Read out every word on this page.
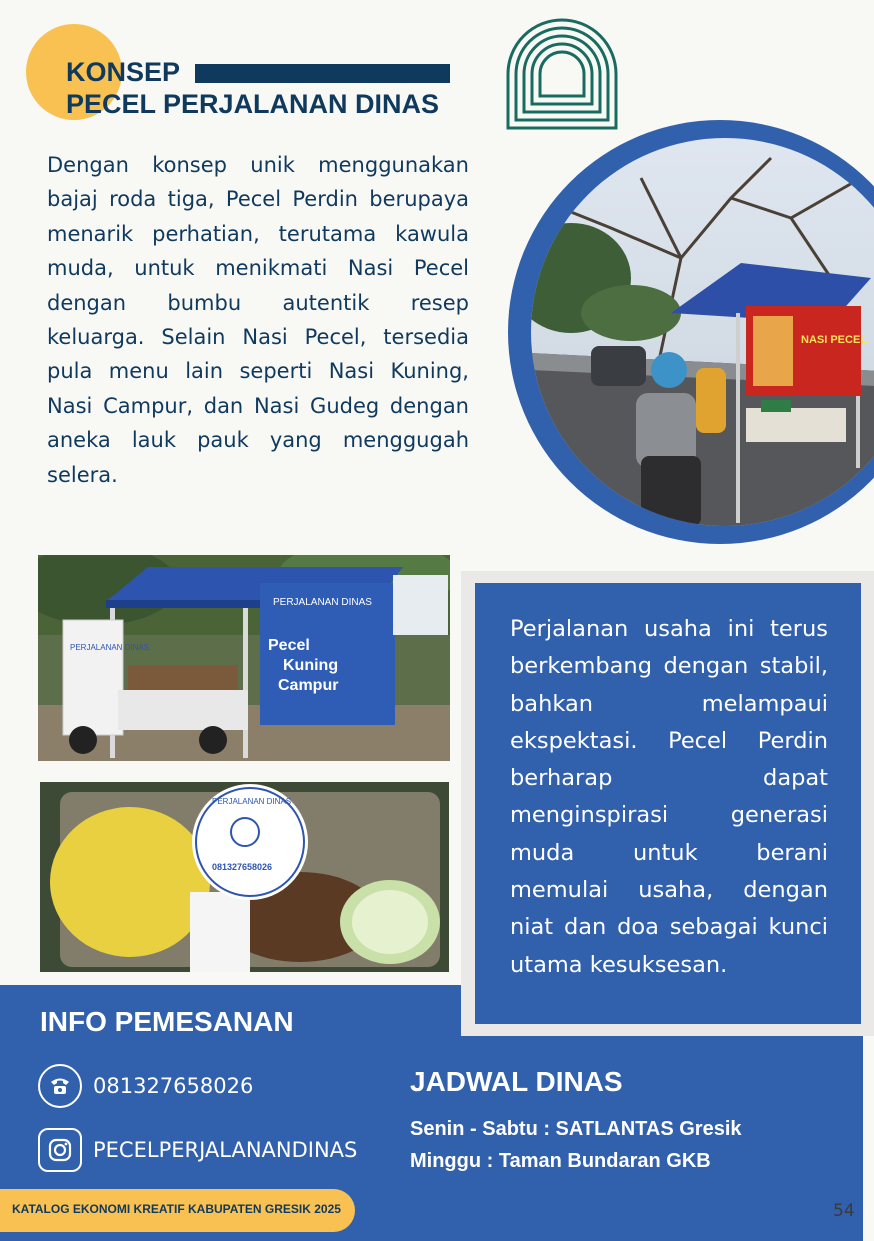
KONSEP
PECEL PERJALANAN DINAS
Dengan konsep unik menggunakan bajaj roda tiga, Pecel Perdin berupaya menarik perhatian, terutama kawula muda, untuk menikmati Nasi Pecel dengan bumbu autentik resep keluarga. Selain Nasi Pecel, tersedia pula menu lain seperti Nasi Kuning, Nasi Campur, dan Nasi Gudeg dengan aneka lauk pauk yang menggugah selera.
NASI PECEL
PERJALANAN DINAS
Pecel
Kuning
Campur
PERJALANAN DINAS
PERJALANAN DINAS
081327658026
Perjalanan usaha ini terus berkembang dengan stabil, bahkan melampaui ekspektasi. Pecel Perdin berharap dapat menginspirasi generasi muda untuk berani memulai usaha, dengan niat dan doa sebagai kunci utama kesuksesan.
INFO PEMESANAN
081327658026
PECELPERJALANANDINAS
JADWAL DINAS
Senin - Sabtu : SATLANTAS Gresik
Minggu : Taman Bundaran GKB
KATALOG EKONOMI KREATIF KABUPATEN GRESIK 2025	54
